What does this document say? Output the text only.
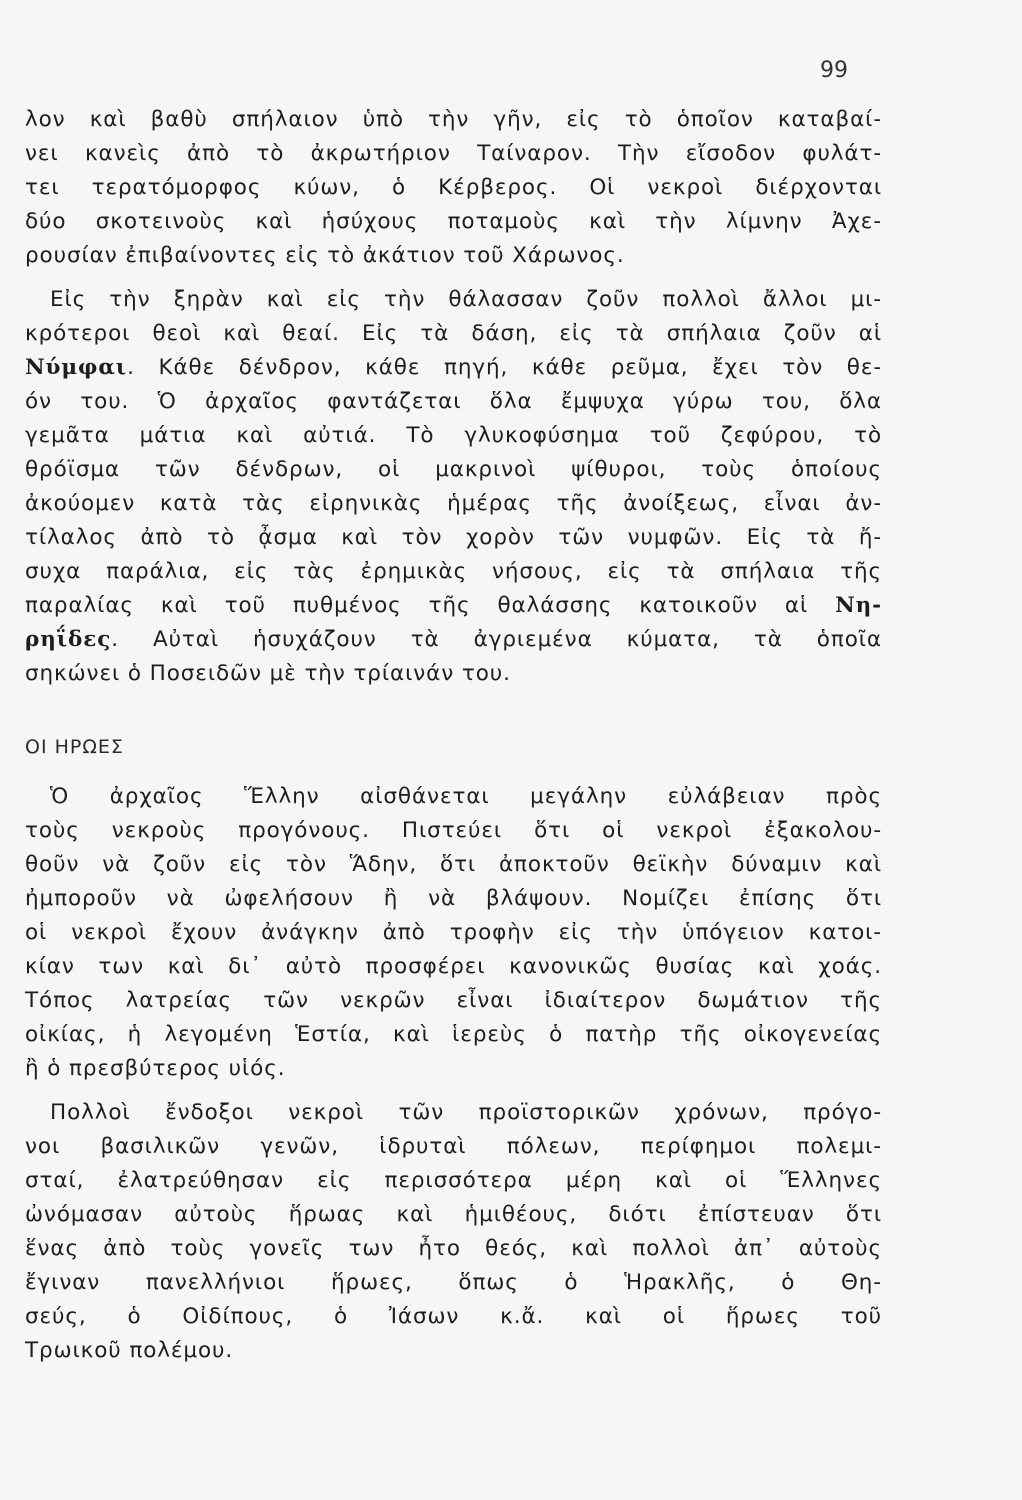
99
λον καὶ βαθὺ σπήλαιον ὑπὸ τὴν γῆν, εἰς τὸ ὁποῖον καταβαί-
νει κανεὶς ἀπὸ τὸ ἀκρωτήριον Ταίναρον. Τὴν εἴσοδον φυλάτ-
τει τερατόμορφος κύων, ὁ Κέρβερος. Οἱ νεκροὶ διέρχονται
δύο σκοτεινοὺς καὶ ἡσύχους ποταμοὺς καὶ τὴν λίμνην Ἀχε-
ρουσίαν ἐπιβαίνοντες εἰς τὸ ἀκάτιον τοῦ Χάρωνος.
Εἰς τὴν ξηρὰν καὶ εἰς τὴν θάλασσαν ζοῦν πολλοὶ ἄλλοι μι-
κρότεροι θεοὶ καὶ θεαί. Εἰς τὰ δάση, εἰς τὰ σπήλαια ζοῦν αἱ
Νύμφαι. Κάθε δένδρον, κάθε πηγή, κάθε ρεῦμα, ἔχει τὸν θε-
όν του. Ὁ ἀρχαῖος φαντάζεται ὅλα ἔμψυχα γύρω του, ὅλα
γεμᾶτα μάτια καὶ αὐτιά. Τὸ γλυκοφύσημα τοῦ ζεφύρου, τὸ
θρόϊσμα τῶν δένδρων, οἱ μακρινοὶ ψίθυροι, τοὺς ὁποίους
ἀκούομεν κατὰ τὰς εἰρηνικὰς ἡμέρας τῆς ἀνοίξεως, εἶναι ἀν-
τίλαλος ἀπὸ τὸ ᾆσμα καὶ τὸν χορὸν τῶν νυμφῶν. Εἰς τὰ ἤ-
συχα παράλια, εἰς τὰς ἐρημικὰς νήσους, εἰς τὰ σπήλαια τῆς
παραλίας καὶ τοῦ πυθμένος τῆς θαλάσσης κατοικοῦν αἱ Νη-
ρηΐδες. Αὐταὶ ἡσυχάζουν τὰ ἀγριεμένα κύματα, τὰ ὁποῖα
σηκώνει ὁ Ποσειδῶν μὲ τὴν τρίαινάν του.
ΟΙ ΗΡΩΕΣ
Ὁ ἀρχαῖος Ἕλλην αἰσθάνεται μεγάλην εὐλάβειαν πρὸς
τοὺς νεκροὺς προγόνους. Πιστεύει ὅτι οἱ νεκροὶ ἐξακολου-
θοῦν νὰ ζοῦν εἰς τὸν Ἅδην, ὅτι ἀποκτοῦν θεϊκὴν δύναμιν καὶ
ἠμποροῦν νὰ ὠφελήσουν ἢ νὰ βλάψουν. Νομίζει ἐπίσης ὅτι
οἱ νεκροὶ ἔχουν ἀνάγκην ἀπὸ τροφὴν εἰς τὴν ὑπόγειον κατοι-
κίαν των καὶ δι᾿ αὐτὸ προσφέρει κανονικῶς θυσίας καὶ χοάς.
Τόπος λατρείας τῶν νεκρῶν εἶναι ἰδιαίτερον δωμάτιον τῆς
οἰκίας, ἡ λεγομένη Ἑστία, καὶ ἱερεὺς ὁ πατὴρ τῆς οἰκογενείας
ἢ ὁ πρεσβύτερος υἱός.
Πολλοὶ ἔνδοξοι νεκροὶ τῶν προϊστορικῶν χρόνων, πρόγο-
νοι βασιλικῶν γενῶν, ἱδρυταὶ πόλεων, περίφημοι πολεμι-
σταί, ἐλατρεύθησαν εἰς περισσότερα μέρη καὶ οἱ Ἕλληνες
ὠνόμασαν αὐτοὺς ἥρωας καὶ ἡμιθέους, διότι ἐπίστευαν ὅτι
ἕνας ἀπὸ τοὺς γονεῖς των ἦτο θεός, καὶ πολλοὶ ἀπ᾿ αὐτοὺς
ἔγιναν πανελλήνιοι ἥρωες, ὅπως ὁ Ἡρακλῆς, ὁ Θη-
σεύς, ὁ Οἰδίπους, ὁ Ἰάσων κ.ἄ. καὶ οἱ ἥρωες τοῦ
Τρωικοῦ πολέμου.
